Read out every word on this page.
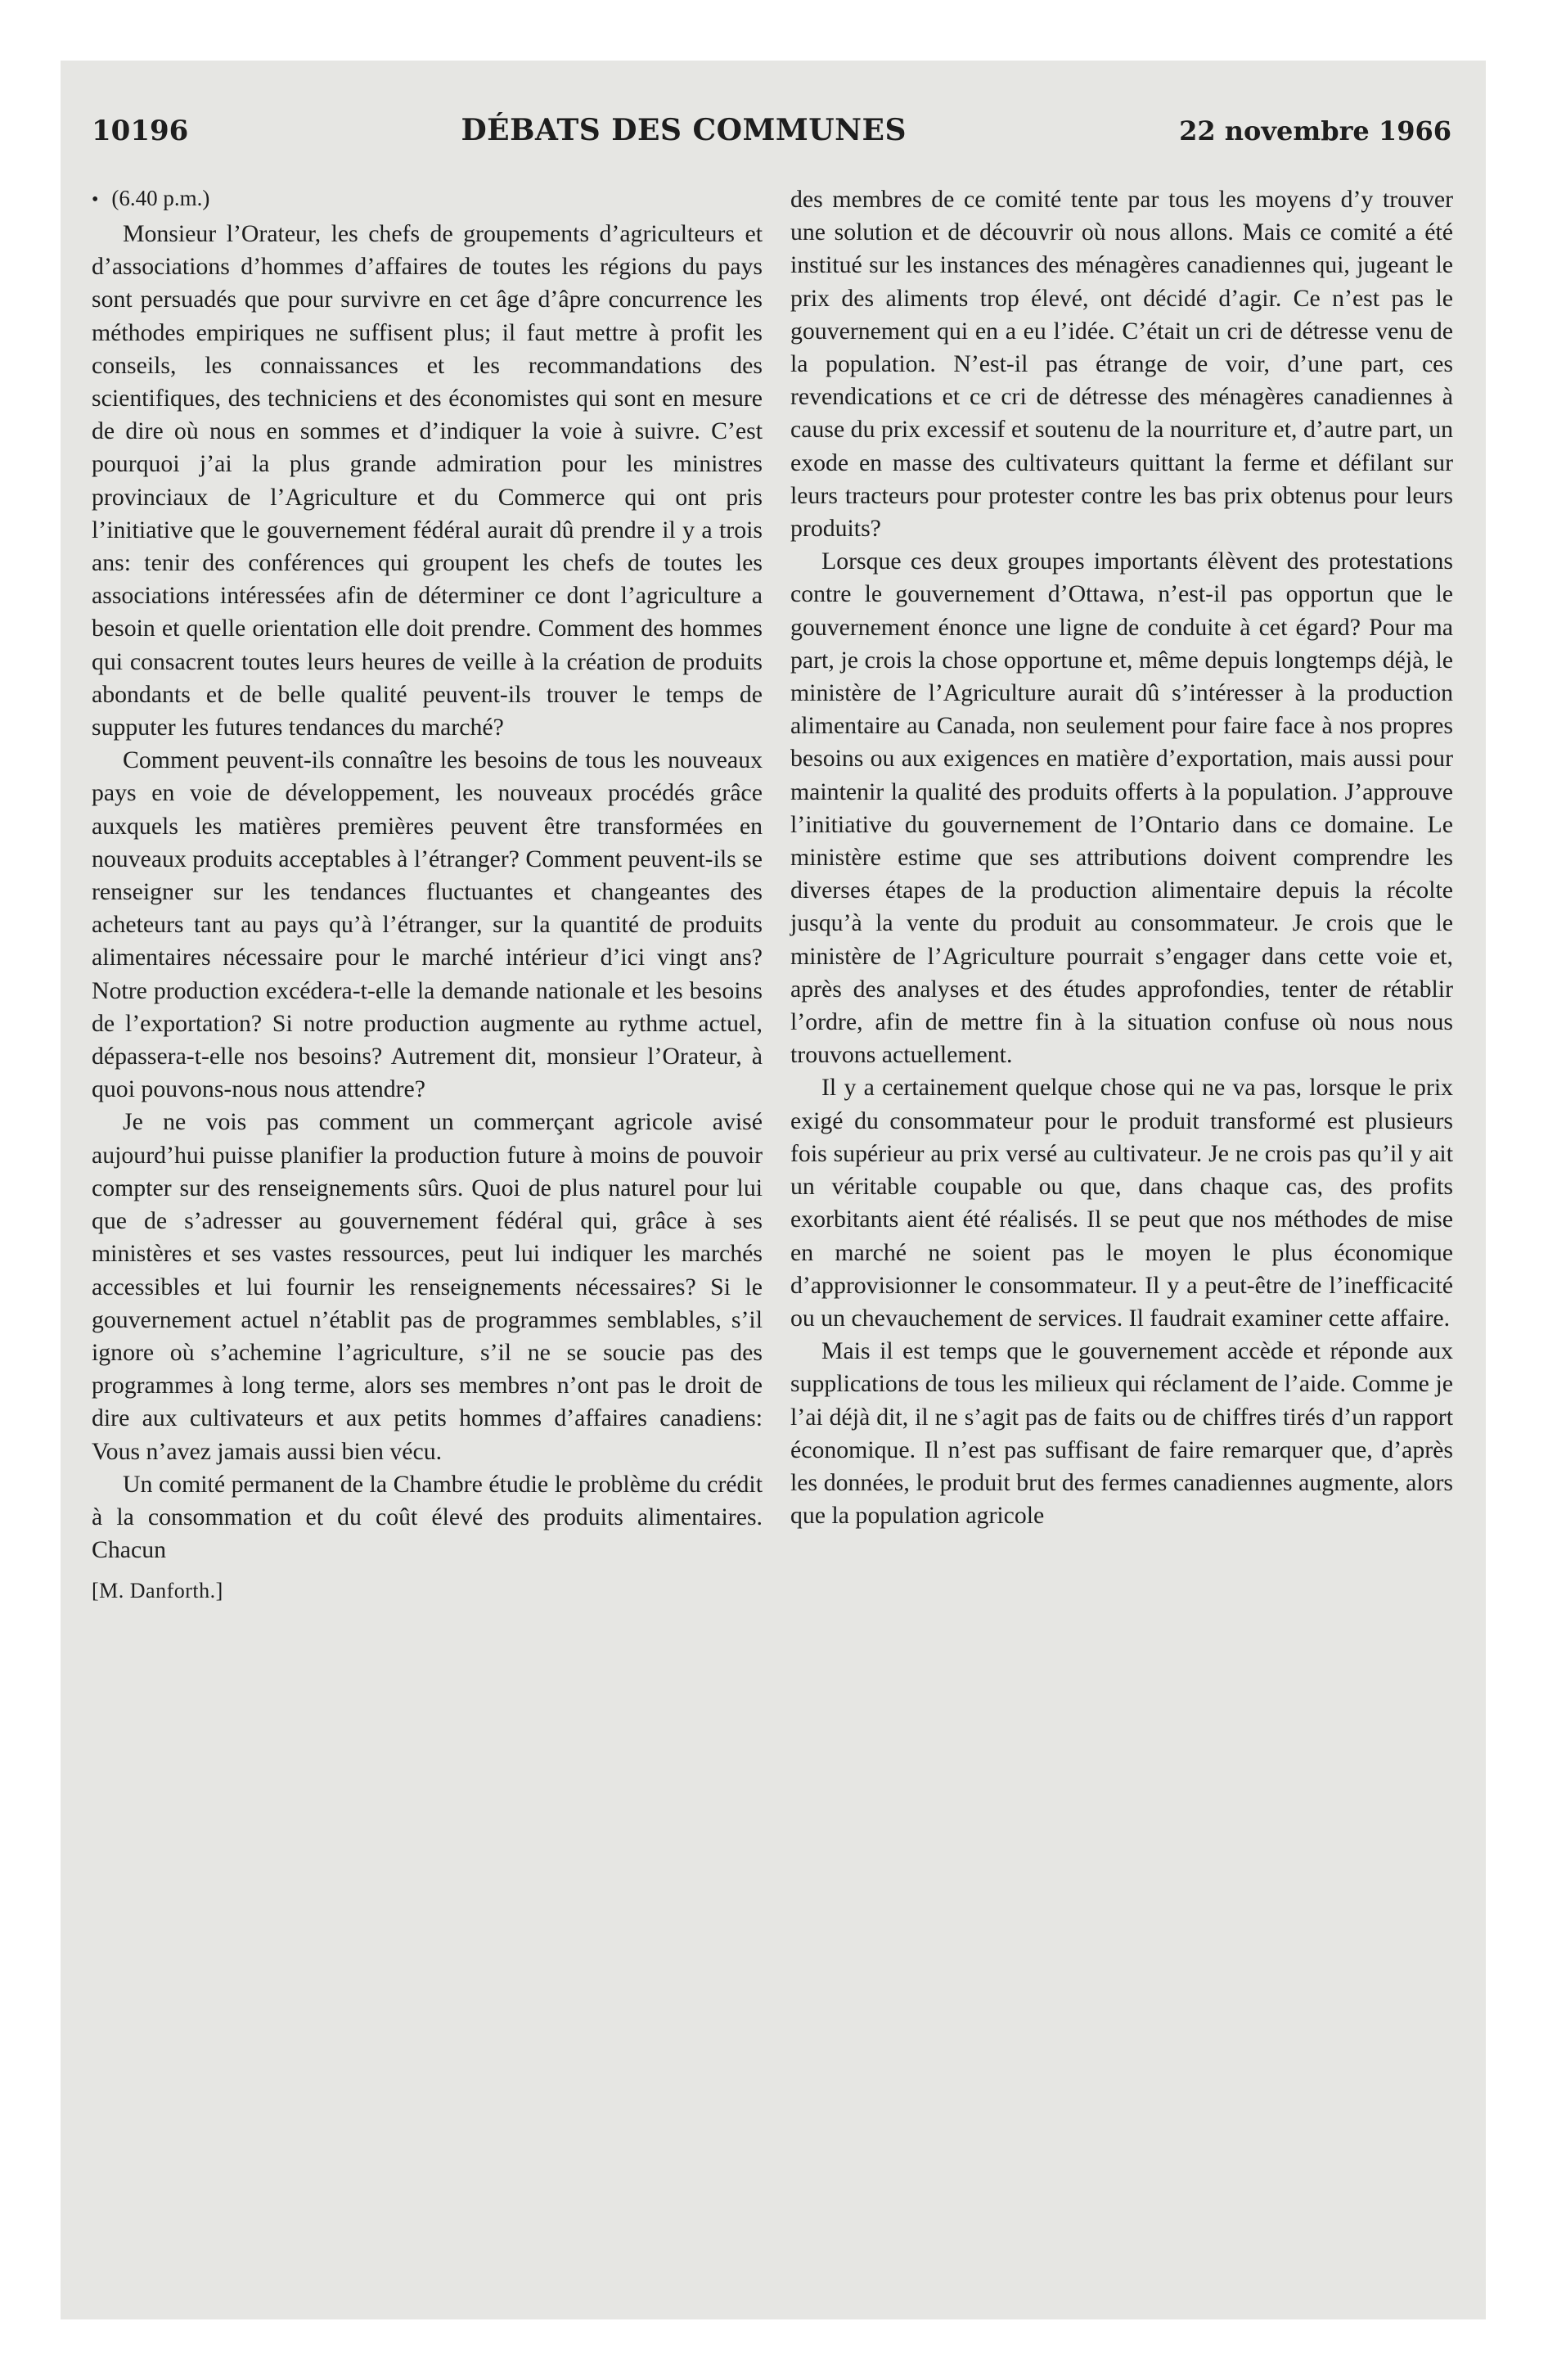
10196	DÉBATS DES COMMUNES	22 novembre 1966
• (6.40 p.m.)

Monsieur l’Orateur, les chefs de groupements d’agriculteurs et d’associations d’hommes d’affaires de toutes les régions du pays sont persuadés que pour survivre en cet âge d’âpre concurrence les méthodes empiriques ne suffisent plus; il faut mettre à profit les conseils, les connaissances et les recommandations des scientifiques, des techniciens et des économistes qui sont en mesure de dire où nous en sommes et d’indiquer la voie à suivre. C’est pourquoi j’ai la plus grande admiration pour les ministres provinciaux de l’Agriculture et du Commerce qui ont pris l’initiative que le gouvernement fédéral aurait dû prendre il y a trois ans: tenir des conférences qui groupent les chefs de toutes les associations intéressées afin de déterminer ce dont l’agriculture a besoin et quelle orientation elle doit prendre. Comment des hommes qui consacrent toutes leurs heures de veille à la création de produits abondants et de belle qualité peuvent-ils trouver le temps de supputer les futures tendances du marché?

Comment peuvent-ils connaître les besoins de tous les nouveaux pays en voie de développement, les nouveaux procédés grâce auxquels les matières premières peuvent être transformées en nouveaux produits acceptables à l’étranger? Comment peuvent-ils se renseigner sur les tendances fluctuantes et changeantes des acheteurs tant au pays qu’à l’étranger, sur la quantité de produits alimentaires nécessaire pour le marché intérieur d’ici vingt ans? Notre production excédera-t-elle la demande nationale et les besoins de l’exportation? Si notre production augmente au rythme actuel, dépassera-t-elle nos besoins? Autrement dit, monsieur l’Orateur, à quoi pouvons-nous nous attendre?

Je ne vois pas comment un commerçant agricole avisé aujourd’hui puisse planifier la production future à moins de pouvoir compter sur des renseignements sûrs. Quoi de plus naturel pour lui que de s’adresser au gouvernement fédéral qui, grâce à ses ministères et ses vastes ressources, peut lui indiquer les marchés accessibles et lui fournir les renseignements nécessaires? Si le gouvernement actuel n’établit pas de programmes semblables, s’il ignore où s’achemine l’agriculture, s’il ne se soucie pas des programmes à long terme, alors ses membres n’ont pas le droit de dire aux cultivateurs et aux petits hommes d’affaires canadiens: Vous n’avez jamais aussi bien vécu.

Un comité permanent de la Chambre étudie le problème du crédit à la consommation et du coût élevé des produits alimentaires. Chacun

[M. Danforth.]

des membres de ce comité tente par tous les moyens d’y trouver une solution et de découvrir où nous allons. Mais ce comité a été institué sur les instances des ménagères canadiennes qui, jugeant le prix des aliments trop élevé, ont décidé d’agir. Ce n’est pas le gouvernement qui en a eu l’idée. C’était un cri de détresse venu de la population. N’est-il pas étrange de voir, d’une part, ces revendications et ce cri de détresse des ménagères canadiennes à cause du prix excessif et soutenu de la nourriture et, d’autre part, un exode en masse des cultivateurs quittant la ferme et défilant sur leurs tracteurs pour protester contre les bas prix obtenus pour leurs produits?

Lorsque ces deux groupes importants élèvent des protestations contre le gouvernement d’Ottawa, n’est-il pas opportun que le gouvernement énonce une ligne de conduite à cet égard? Pour ma part, je crois la chose opportune et, même depuis longtemps déjà, le ministère de l’Agriculture aurait dû s’intéresser à la production alimentaire au Canada, non seulement pour faire face à nos propres besoins ou aux exigences en matière d’exportation, mais aussi pour maintenir la qualité des produits offerts à la population. J’approuve l’initiative du gouvernement de l’Ontario dans ce domaine. Le ministère estime que ses attributions doivent comprendre les diverses étapes de la production alimentaire depuis la récolte jusqu’à la vente du produit au consommateur. Je crois que le ministère de l’Agriculture pourrait s’engager dans cette voie et, après des analyses et des études approfondies, tenter de rétablir l’ordre, afin de mettre fin à la situation confuse où nous nous trouvons actuellement.

Il y a certainement quelque chose qui ne va pas, lorsque le prix exigé du consommateur pour le produit transformé est plusieurs fois supérieur au prix versé au cultivateur. Je ne crois pas qu’il y ait un véritable coupable ou que, dans chaque cas, des profits exorbitants aient été réalisés. Il se peut que nos méthodes de mise en marché ne soient pas le moyen le plus économique d’approvisionner le consommateur. Il y a peut-être de l’inefficacité ou un chevauchement de services. Il faudrait examiner cette affaire.

Mais il est temps que le gouvernement accède et réponde aux supplications de tous les milieux qui réclament de l’aide. Comme je l’ai déjà dit, il ne s’agit pas de faits ou de chiffres tirés d’un rapport économique. Il n’est pas suffisant de faire remarquer que, d’après les données, le produit brut des fermes canadiennes augmente, alors que la population agricole
